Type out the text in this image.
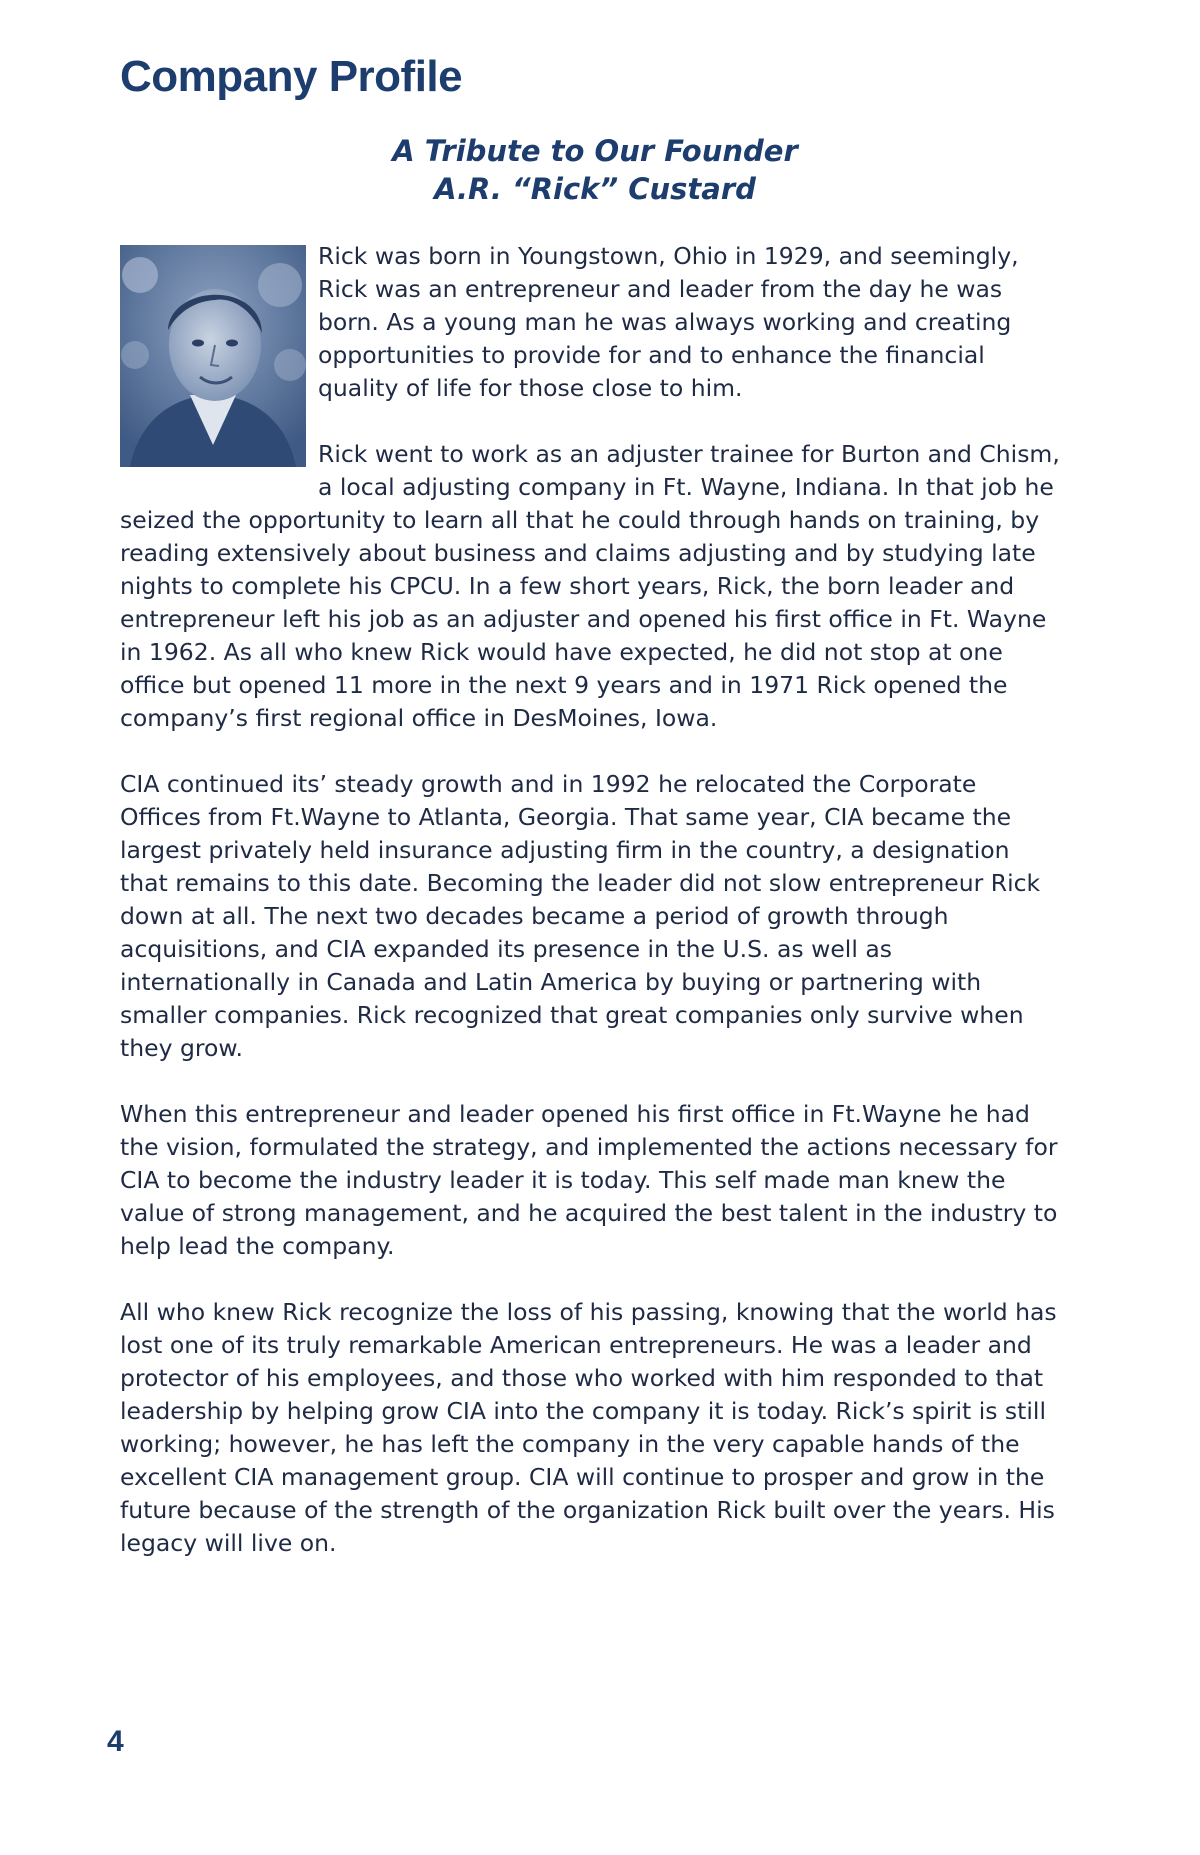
Company Profile
A Tribute to Our Founder
A.R. “Rick” Custard

Rick was born in Youngstown, Ohio in 1929, and seemingly, Rick was an entrepreneur and leader from the day he was born. As a young man he was always working and creating opportunities to provide for and to enhance the financial quality of life for those close to him.

Rick went to work as an adjuster trainee for Burton and Chism, a local adjusting company in Ft. Wayne, Indiana. In that job he seized the opportunity to learn all that he could through hands on training, by reading extensively about business and claims adjusting and by studying late nights to complete his CPCU. In a few short years, Rick, the born leader and entrepreneur left his job as an adjuster and opened his first office in Ft. Wayne in 1962. As all who knew Rick would have expected, he did not stop at one office but opened 11 more in the next 9 years and in 1971 Rick opened the company’s first regional office in DesMoines, Iowa.

CIA continued its’ steady growth and in 1992 he relocated the Corporate Offices from Ft.Wayne to Atlanta, Georgia. That same year, CIA became the largest privately held insurance adjusting firm in the country, a designation that remains to this date. Becoming the leader did not slow entrepreneur Rick down at all. The next two decades became a period of growth through acquisitions, and CIA expanded its presence in the U.S. as well as internationally in Canada and Latin America by buying or partnering with smaller companies. Rick recognized that great companies only survive when they grow.

When this entrepreneur and leader opened his first office in Ft.Wayne he had the vision, formulated the strategy, and implemented the actions necessary for CIA to become the industry leader it is today. This self made man knew the value of strong management, and he acquired the best talent in the industry to help lead the company.

All who knew Rick recognize the loss of his passing, knowing that the world has lost one of its truly remarkable American entrepreneurs. He was a leader and protector of his employees, and those who worked with him responded to that leadership by helping grow CIA into the company it is today. Rick’s spirit is still working; however, he has left the company in the very capable hands of the excellent CIA management group. CIA will continue to prosper and grow in the future because of the strength of the organization Rick built over the years. His legacy will live on.

4
